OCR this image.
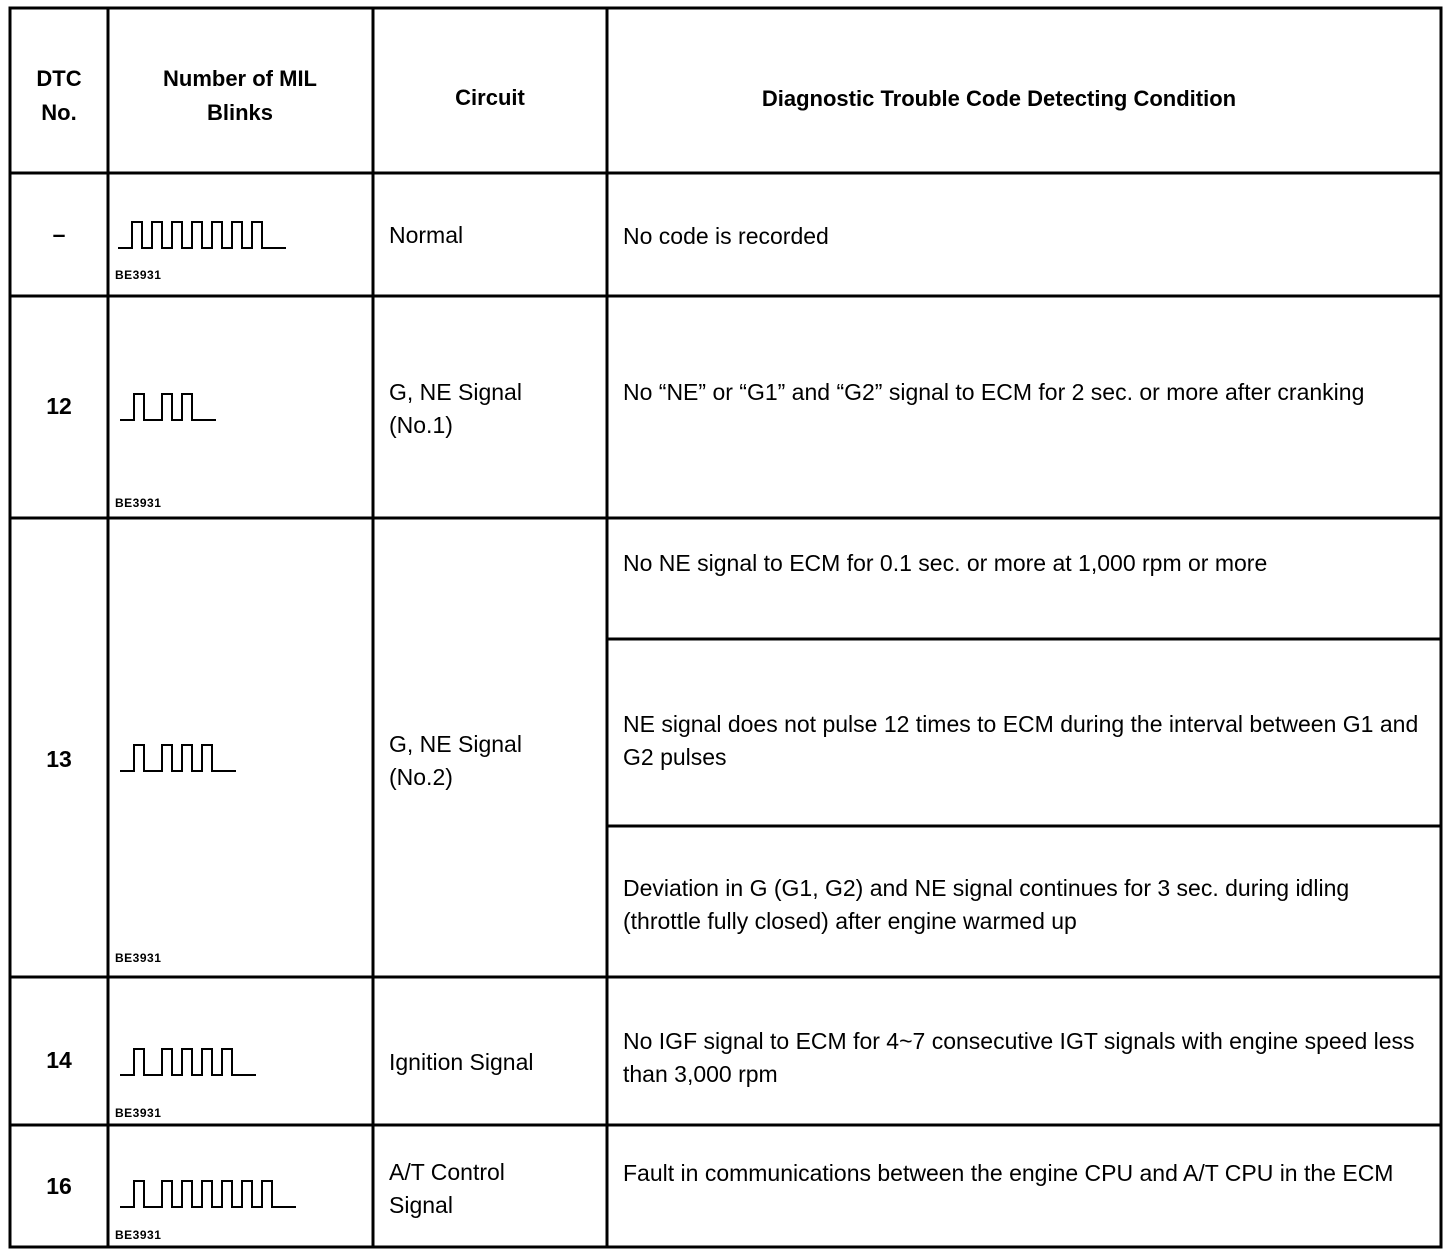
DTC No.
Number of MIL Blinks
Circuit	Diagnostic Trouble Code Detecting Condition
–
BE3931
Normal	No code is recorded
12
BE3931
G, NE Signal (No.1)
No “NE” or “G1” and “G2” signal to ECM for 2 sec. or more after cranking
13
BE3931
G, NE Signal (No.2)
No NE signal to ECM for 0.1 sec. or more at 1,000 rpm or more
NE signal does not pulse 12 times to ECM during the interval between G1 and G2 pulses
Deviation in G (G1, G2) and NE signal continues for 3 sec. during idling (throttle fully closed) after engine warmed up
14
BE3931
Ignition Signal
No IGF signal to ECM for 4~7 consecutive IGT signals with engine speed less than 3,000 rpm
16
BE3931
A/T Control Signal
Fault in communications between the engine CPU and A/T CPU in the ECM
